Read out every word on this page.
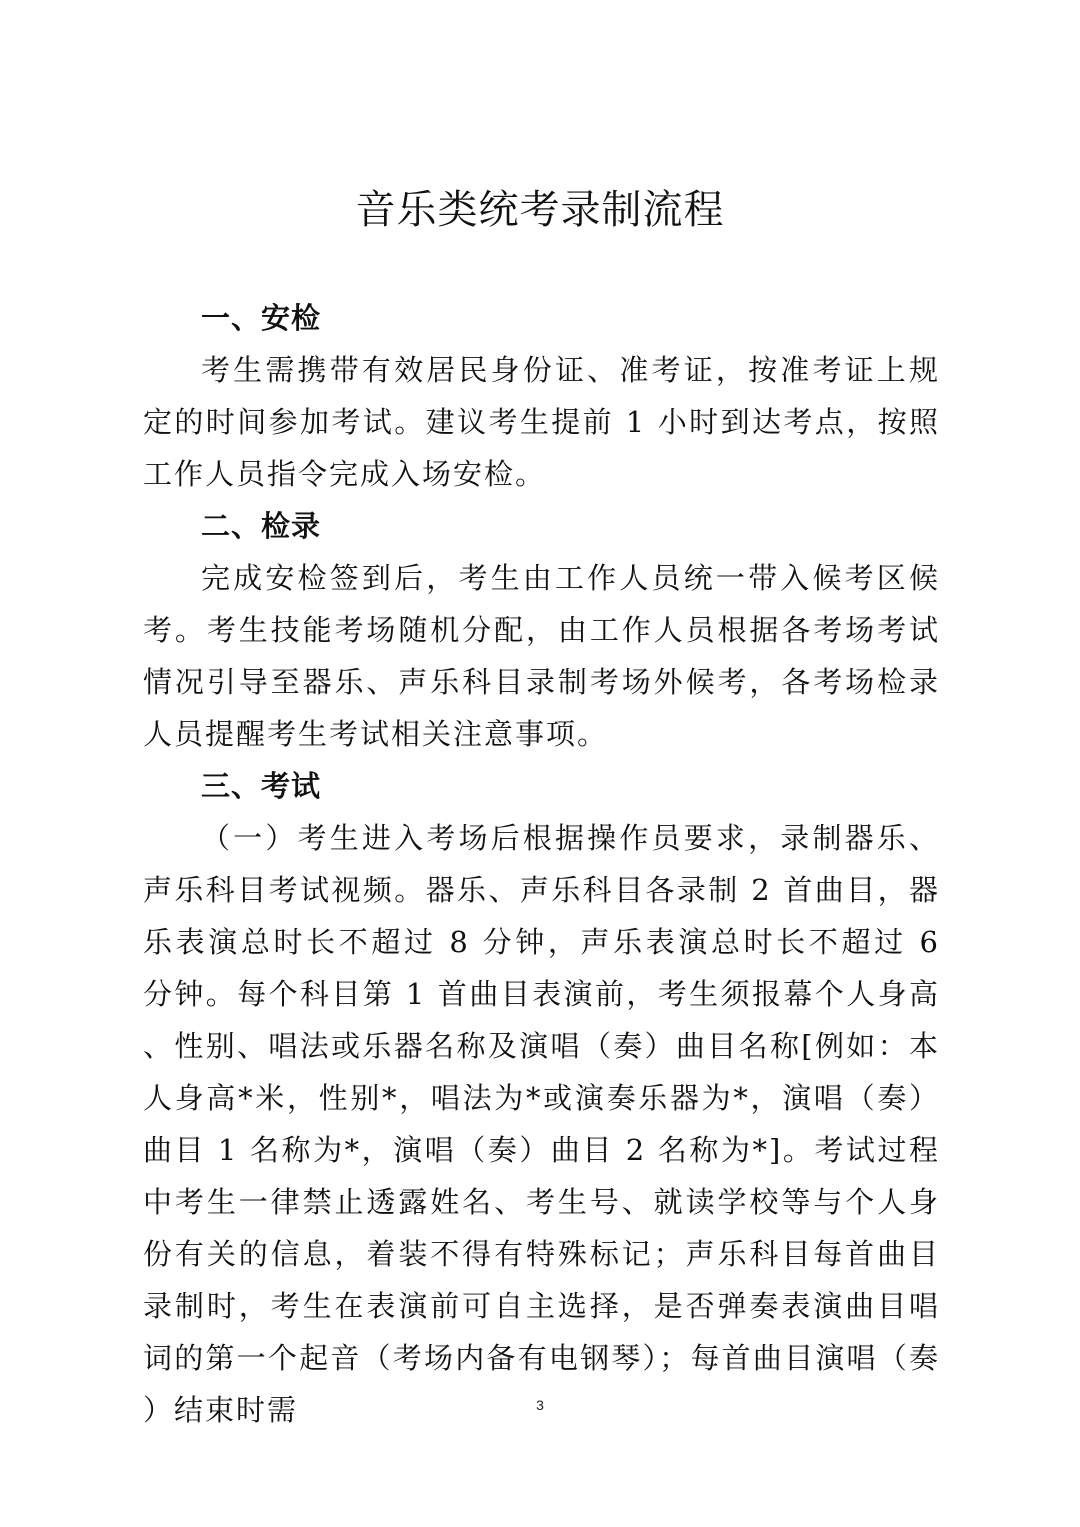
音乐类统考录制流程
一、安检

考生需携带有效居民身份证、准考证，按准考证上规定的时间参加考试。建议考生提前 1 小时到达考点，按照工作人员指令完成入场安检。

二、检录

完成安检签到后，考生由工作人员统一带入候考区候考。考生技能考场随机分配，由工作人员根据各考场考试情况引导至器乐、声乐科目录制考场外候考，各考场检录人员提醒考生考试相关注意事项。

三、考试

（一）考生进入考场后根据操作员要求，录制器乐、声乐科目考试视频。器乐、声乐科目各录制 2 首曲目，器乐表演总时长不超过 8 分钟，声乐表演总时长不超过 6 分钟。每个科目第 1 首曲目表演前，考生须报幕个人身高、性别、唱法或乐器名称及演唱（奏）曲目名称[例如：本人身高*米，性别*，唱法为*或演奏乐器为*，演唱（奏）曲目 1 名称为*，演唱（奏）曲目 2 名称为*]。考试过程中考生一律禁止透露姓名、考生号、就读学校等与个人身份有关的信息，着装不得有特殊标记；声乐科目每首曲目录制时，考生在表演前可自主选择，是否弹奏表演曲目唱词的第一个起音（考场内备有电钢琴）；每首曲目演唱（奏）结束时需	3
